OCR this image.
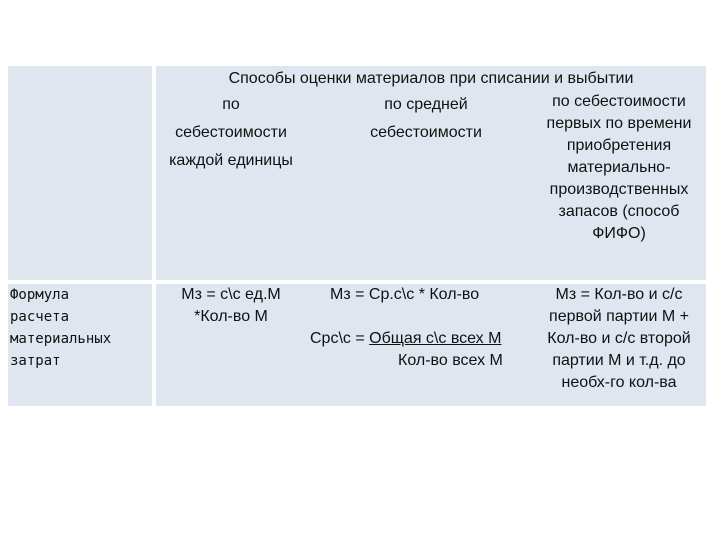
Способы оценки материалов при списании и выбытии
по
себестоимости
каждой единицы
по средней
себестоимости
по себестоимости
первых по времени
приобретения
материально-
производственных
запасов (способ
ФИФО)
Формула
расчета
материальных
затрат
Мз = с\с ед.М
*Кол-во М
Мз = Ср.с\с * Кол-во
Срс\с = Общая с\с всех М
Кол-во всех М
Мз = Кол-во и с/с
первой партии М +
Кол-во и с/с второй
партии М и т.д. до
необх-го кол-ва
